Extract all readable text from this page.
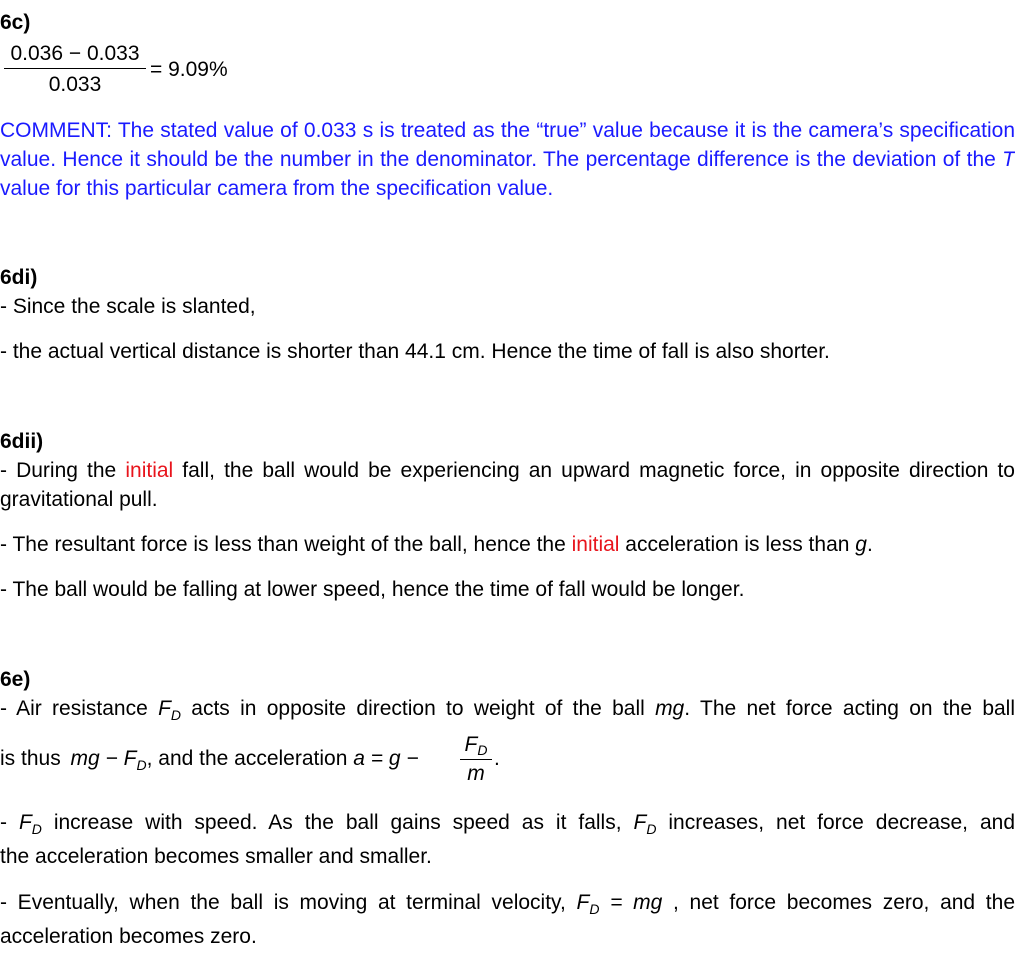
6c)
0.036 − 0.033
0.033
= 9.09%
COMMENT: The stated value of 0.033 s is treated as the “true” value because it is the camera’s specification value. Hence it should be the number in the denominator. The percentage difference is the deviation of the T value for this particular camera from the specification value.
6di)
- Since the scale is slanted,
- the actual vertical distance is shorter than 44.1 cm. Hence the time of fall is also shorter.
6dii)
- During the initial fall, the ball would be experiencing an upward magnetic force, in opposite direction to gravitational pull.
- The resultant force is less than weight of the ball, hence the initial acceleration is less than g.
- The ball would be falling at lower speed, hence the time of fall would be longer.
6e)
- Air resistance $F_D$ acts in opposite direction to weight of the ball mg. The net force acting on the ball
is thus mg − $F_D$, and the acceleration a = g −
FD
m
.
- $F_D$ increase with speed. As the ball gains speed as it falls, $F_D$ increases, net force decrease, and
the acceleration becomes smaller and smaller.
- Eventually, when the ball is moving at terminal velocity, $F_D$ = mg , net force becomes zero, and the
acceleration becomes zero.
